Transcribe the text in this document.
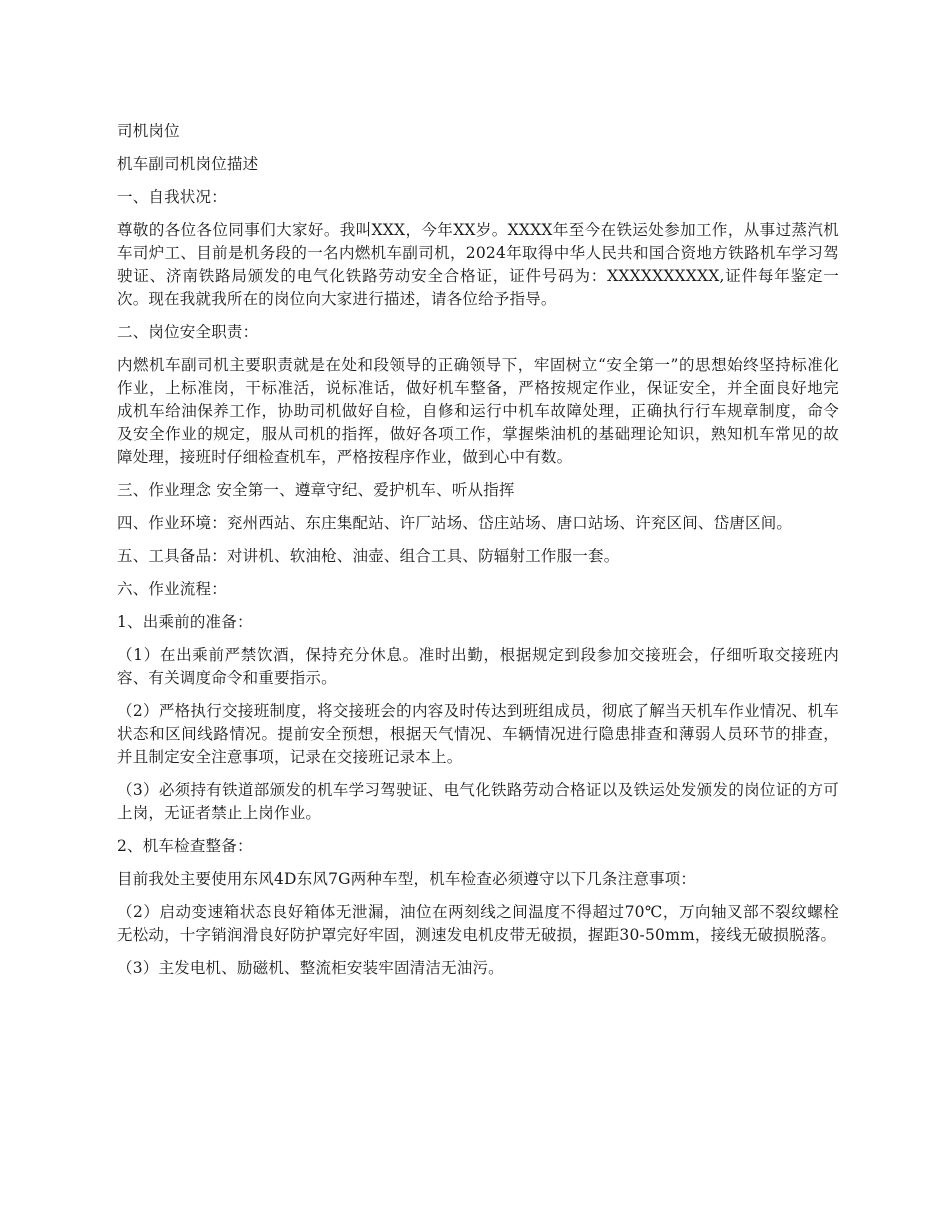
司机岗位

机车副司机岗位描述

一、自我状况：

尊敬的各位各位同事们大家好。我叫XXX，今年XX岁。XXXX年至今在铁运处参加工作，从事过蒸汽机车司炉工、目前是机务段的一名内燃机车副司机，2024年取得中华人民共和国合资地方铁路机车学习驾驶证、济南铁路局颁发的电气化铁路劳动安全合格证，证件号码为：XXXXXXXXXX,证件每年鉴定一次。现在我就我所在的岗位向大家进行描述，请各位给予指导。

二、岗位安全职责：

内燃机车副司机主要职责就是在处和段领导的正确领导下，牢固树立“安全第一”的思想始终坚持标准化作业，上标准岗，干标准活，说标准话，做好机车整备，严格按规定作业，保证安全，并全面良好地完成机车给油保养工作，协助司机做好自检，自修和运行中机车故障处理，正确执行行车规章制度，命令及安全作业的规定，服从司机的指挥，做好各项工作，掌握柴油机的基础理论知识，熟知机车常见的故障处理，接班时仔细检查机车，严格按程序作业，做到心中有数。

三、作业理念 安全第一、遵章守纪、爱护机车、听从指挥

四、作业环境：兖州西站、东庄集配站、许厂站场、岱庄站场、唐口站场、许兖区间、岱唐区间。

五、工具备品：对讲机、软油枪、油壶、组合工具、防辐射工作服一套。

六、作业流程：

1、出乘前的准备：

（1）在出乘前严禁饮酒，保持充分休息。准时出勤，根据规定到段参加交接班会，仔细听取交接班内容、有关调度命令和重要指示。

（2）严格执行交接班制度，将交接班会的内容及时传达到班组成员，彻底了解当天机车作业情况、机车状态和区间线路情况。提前安全预想，根据天气情况、车辆情况进行隐患排查和薄弱人员环节的排查，并且制定安全注意事项，记录在交接班记录本上。

（3）必须持有铁道部颁发的机车学习驾驶证、电气化铁路劳动合格证以及铁运处发颁发的岗位证的方可上岗，无证者禁止上岗作业。

2、机车检查整备：

目前我处主要使用东风4D东风7G两种车型，机车检查必须遵守以下几条注意事项：

（2）启动变速箱状态良好箱体无泄漏，油位在两刻线之间温度不得超过70℃，万向轴叉部不裂纹螺栓无松动，十字销润滑良好防护罩完好牢固，测速发电机皮带无破损，握距30-50mm，接线无破损脱落。

（3）主发电机、励磁机、整流柜安装牢固清洁无油污。
